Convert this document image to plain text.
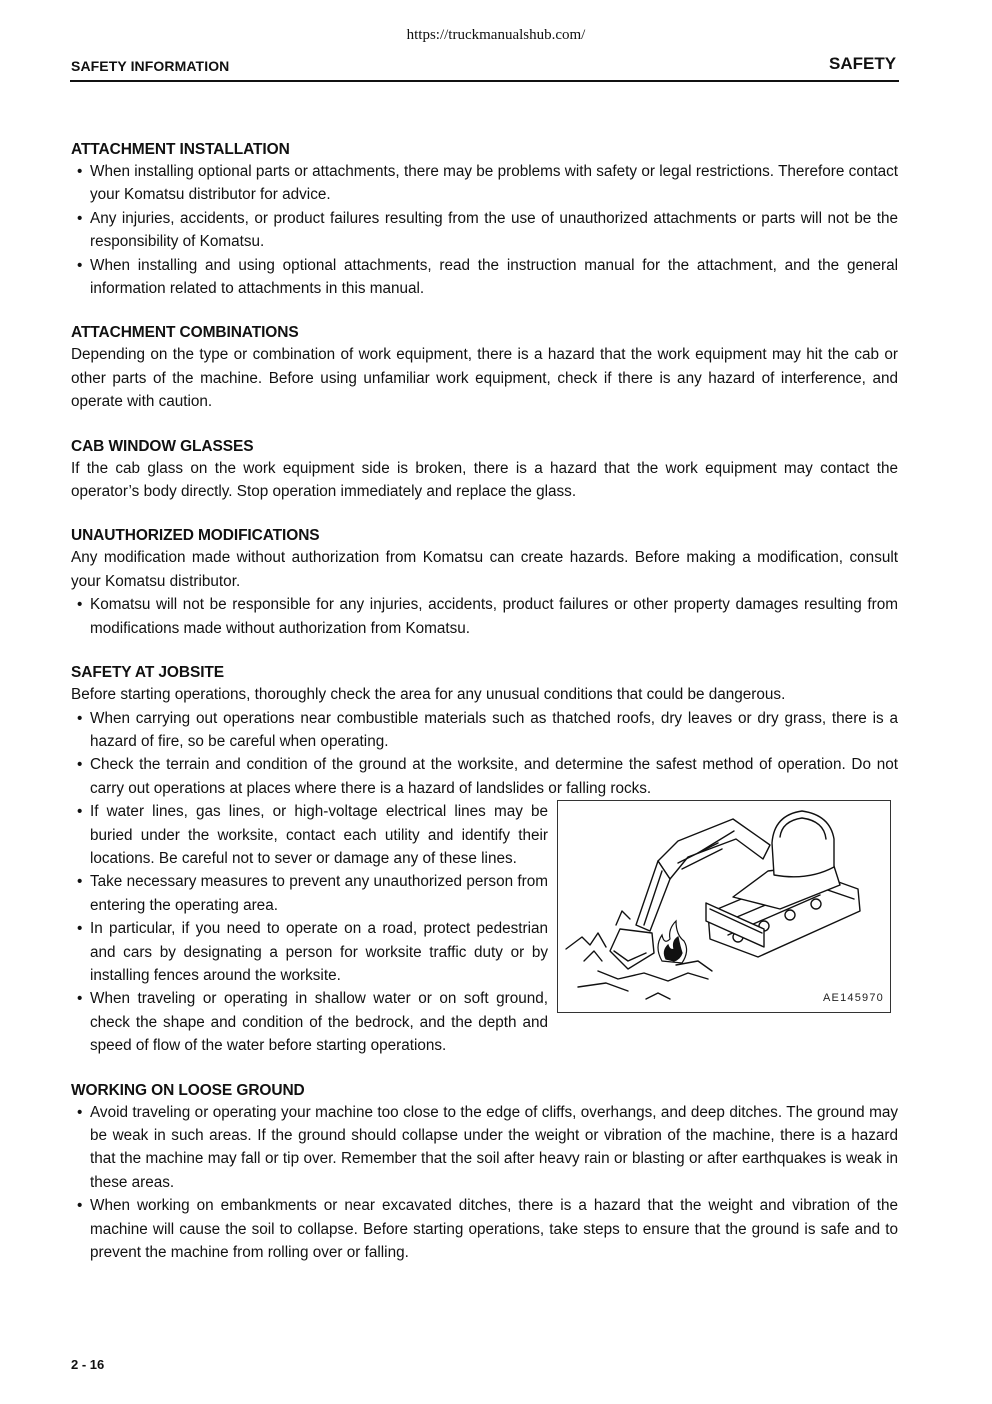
https://truckmanualshub.com/
SAFETY INFORMATION	SAFETY
ATTACHMENT INSTALLATION
• When installing optional parts or attachments, there may be problems with safety or legal restrictions. Therefore contact your Komatsu distributor for advice.
• Any injuries, accidents, or product failures resulting from the use of unauthorized attachments or parts will not be the responsibility of Komatsu.
• When installing and using optional attachments, read the instruction manual for the attachment, and the general information related to attachments in this manual.
ATTACHMENT COMBINATIONS

Depending on the type or combination of work equipment, there is a hazard that the work equipment may hit the cab or other parts of the machine. Before using unfamiliar work equipment, check if there is any hazard of interference, and operate with caution.

CAB WINDOW GLASSES

If the cab glass on the work equipment side is broken, there is a hazard that the work equipment may contact the operator’s body directly. Stop operation immediately and replace the glass.

UNAUTHORIZED MODIFICATIONS

Any modification made without authorization from Komatsu can create hazards. Before making a modification, consult your Komatsu distributor.

• Komatsu will not be responsible for any injuries, accidents, product failures or other property damages resulting from modifications made without authorization from Komatsu.
SAFETY AT JOBSITE

Before starting operations, thoroughly check the area for any unusual conditions that could be dangerous.

• When carrying out operations near combustible materials such as thatched roofs, dry leaves or dry grass, there is a hazard of fire, so be careful when operating.
• Check the terrain and condition of the ground at the worksite, and determine the safest method of operation. Do not carry out operations at places where there is a hazard of landslides or falling rocks.
• If water lines, gas lines, or high-voltage electrical lines may be buried under the worksite, contact each utility and identify their locations. Be careful not to sever or damage any of these lines.
• Take necessary measures to prevent any unauthorized person from entering the operating area.
• In particular, if you need to operate on a road, protect pedestrian and cars by designating a person for worksite traffic duty or by installing fences around the worksite.
• When traveling or operating in shallow water or on soft ground, check the shape and condition of the bedrock, and the depth and speed of flow of the water before starting operations.
AE145970
WORKING ON LOOSE GROUND
• Avoid traveling or operating your machine too close to the edge of cliffs, overhangs, and deep ditches. The ground may be weak in such areas. If the ground should collapse under the weight or vibration of the machine, there is a hazard that the machine may fall or tip over. Remember that the soil after heavy rain or blasting or after earthquakes is weak in these areas.
• When working on embankments or near excavated ditches, there is a hazard that the weight and vibration of the machine will cause the soil to collapse. Before starting operations, take steps to ensure that the ground is safe and to prevent the machine from rolling over or falling.
2 - 16
